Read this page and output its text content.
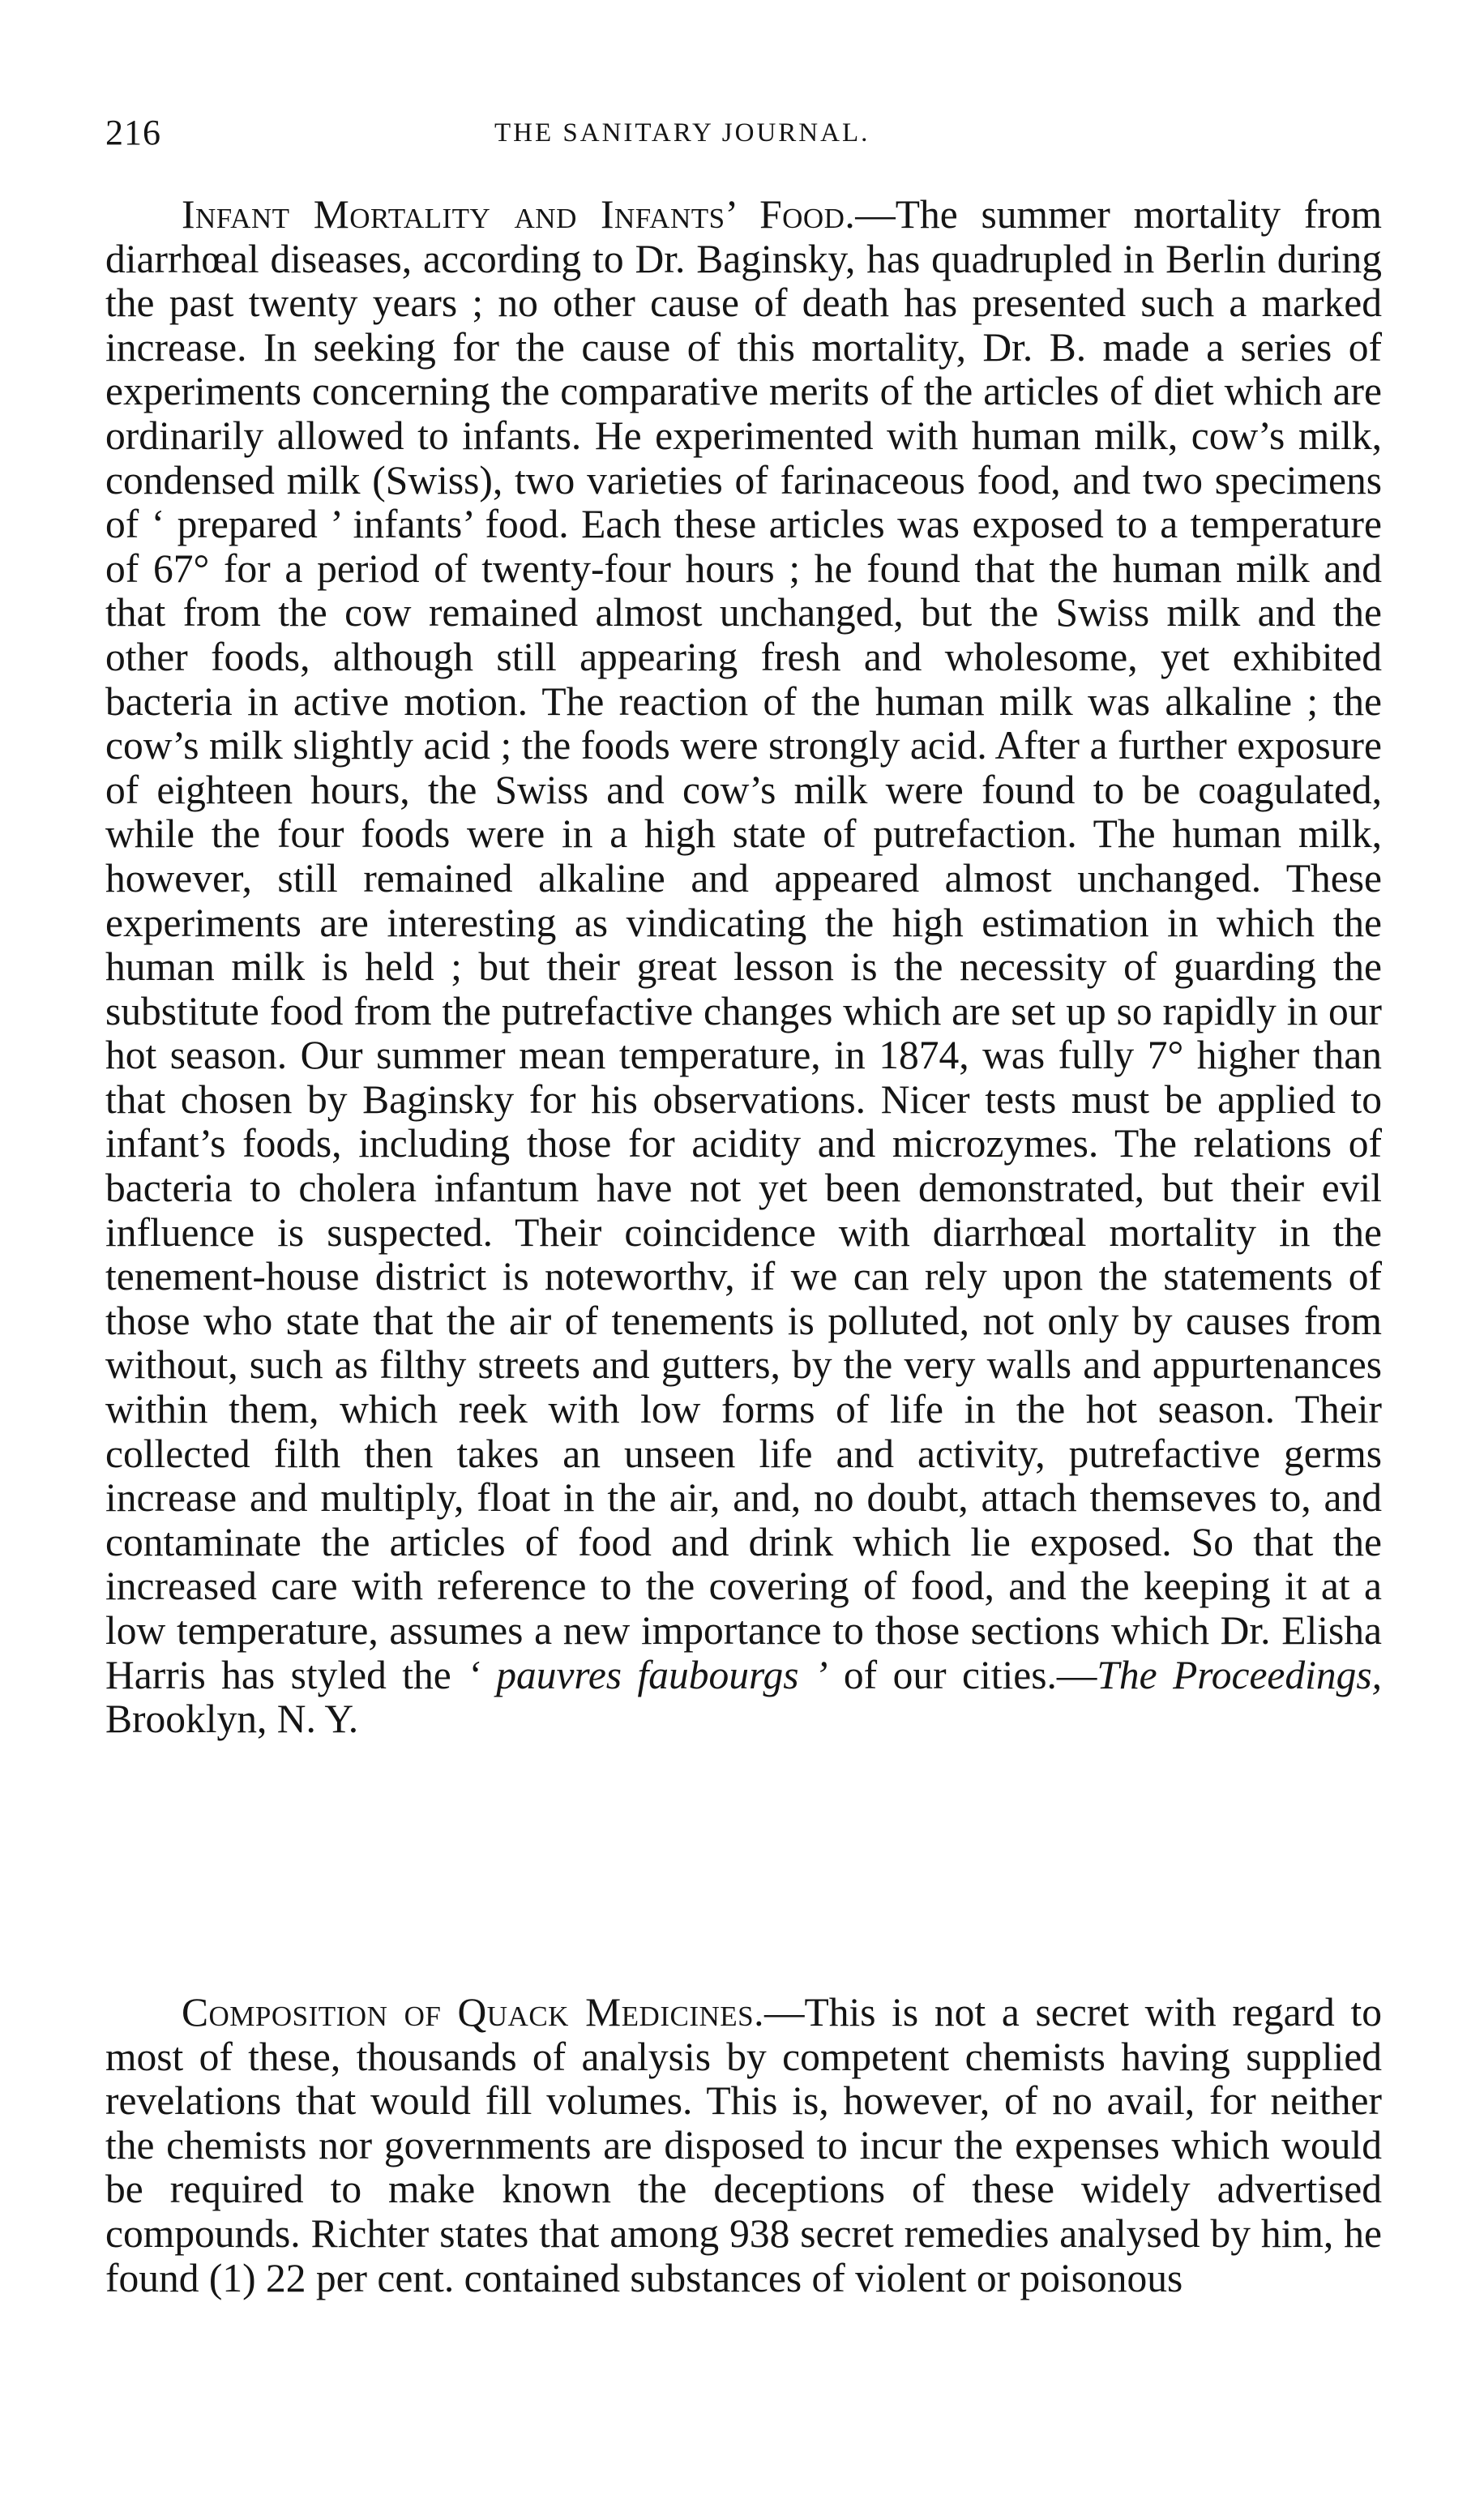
216	THE SANITARY JOURNAL.

Infant Mortality and Infants’ Food.—The summer mortality from diarrhœal diseases, according to Dr. Baginsky, has quadrupled in Berlin during the past twenty years ; no other cause of death has presented such a marked increase. In seeking for the cause of this mortality, Dr. B. made a series of experiments concerning the comparative merits of the articles of diet which are ordinarily allowed to infants. He experimented with human milk, cow’s milk, condensed milk (Swiss), two varieties of farinaceous food, and two specimens of ‘ prepared ’ infants’ food. Each these articles was exposed to a temperature of 67° for a period of twenty-four hours ; he found that the human milk and that from the cow remained almost unchanged, but the Swiss milk and the other foods, although still appearing fresh and wholesome, yet exhibited bacteria in active motion. The reaction of the human milk was alkaline ; the cow’s milk slightly acid ; the foods were strongly acid. After a further exposure of eighteen hours, the Swiss and cow’s milk were found to be coagulated, while the four foods were in a high state of putrefaction. The human milk, however, still remained alkaline and appeared almost unchanged. These experiments are interesting as vindicating the high estimation in which the human milk is held ; but their great lesson is the necessity of guarding the substitute food from the putrefactive changes which are set up so rapidly in our hot season. Our summer mean temperature, in 1874, was fully 7° higher than that chosen by Baginsky for his observations. Nicer tests must be applied to infant’s foods, including those for acidity and microzymes. The relations of bacteria to cholera infantum have not yet been demonstrated, but their evil influence is suspected. Their coincidence with diarrhœal mortality in the tenement-house district is noteworthv, if we can rely upon the statements of those who state that the air of tenements is polluted, not only by causes from without, such as filthy streets and gutters, by the very walls and appurtenances within them, which reek with low forms of life in the hot season. Their collected filth then takes an unseen life and activity, putrefactive germs increase and multiply, float in the air, and, no doubt, attach themseves to, and contaminate the articles of food and drink which lie exposed. So that the increased care with reference to the covering of food, and the keeping it at a low temperature, assumes a new importance to those sections which Dr. Elisha Harris has styled the ‘ pauvres faubourgs ’ of our cities.—The Proceedings, Brooklyn, N. Y.

Composition of Quack Medicines.—This is not a secret with regard to most of these, thousands of analysis by competent chemists having supplied revelations that would fill volumes. This is, however, of no avail, for neither the chemists nor governments are disposed to incur the expenses which would be required to make known the deceptions of these widely advertised compounds. Richter states that among 938 secret remedies analysed by him, he found (1) 22 per cent. contained substances of violent or poisonous
